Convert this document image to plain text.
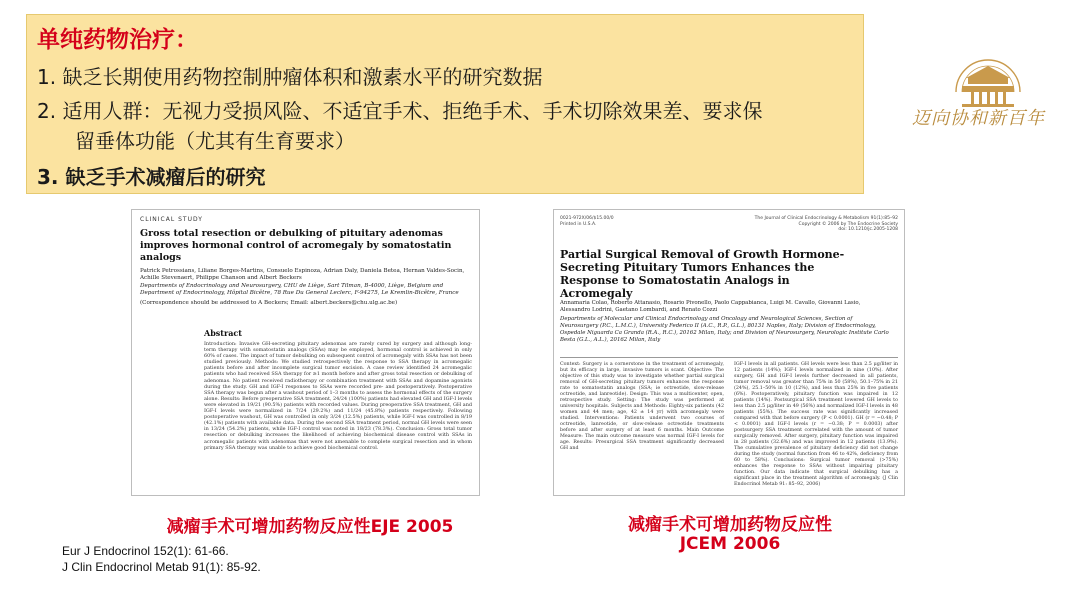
单纯药物治疗：
1. 缺乏长期使用药物控制肿瘤体积和激素水平的研究数据
2. 适用人群：无视力受损风险、不适宜手术、拒绝手术、手术切除效果差、要求保
留垂体功能（尤其有生育要求）
3. 缺乏手术减瘤后的研究
迈向协和新百年
CLINICAL STUDY
Gross total resection or debulking of pituitary adenomas improves hormonal control of acromegaly by somatostatin analogs
Patrick Petrossians, Liliane Borges-Martins, Consuelo Espinoza, Adrian Daly, Daniela Betea, Hernan Valdes-Socin, Achille Stevenaert, Philippe Chanson and Albert Beckers
Departments of Endocrinology and Neurosurgery, CHU de Liège, Sart Tilman, B-4000, Liège, Belgium and Department of Endocrinology, Hôpital Bicêtre, 78 Rue Du General Leclerc, F-94275, Le Kremlin-Bicêtre, France
(Correspondence should be addressed to A Beckers; Email: albert.beckers@chu.ulg.ac.be)
Abstract
Introduction: Invasive GH-secreting pituitary adenomas are rarely cured by surgery and although long-term therapy with somatostatin analogs (SSAs) may be employed, hormonal control is achieved in only 60% of cases. The impact of tumor debulking on subsequent control of acromegaly with SSAs has not been studied previously. Methods: We studied retrospectively the response to SSA therapy in acromegalic patients before and after incomplete surgical tumor excision. A case review identified 24 acromegalic patients who had received SSA therapy for ≥1 month before and after gross total resection or debulking of adenomas. No patient received radiotherapy or combination treatment with SSAs and dopamine agonists during the study. GH and IGF-I responses to SSAs were recorded pre- and postoperatively. Postoperative SSA therapy was begun after a washout period of 1–3 months to assess the hormonal effects of the surgery alone. Results: Before preoperative SSA treatment, 24/24 (100%) patients had elevated GH and IGF-I levels were elevated in 19/21 (90.5%) patients with recorded values. During preoperative SSA treatment, GH and IGF-I levels were normalized in 7/24 (29.2%) and 11/24 (45.8%) patients respectively. Following postoperative washout, GH was controlled in only 3/24 (12.5%) patients, while IGF-I was controlled in 8/19 (42.1%) patients with available data. During the second SSA treatment period, normal GH levels were seen in 13/24 (54.2%) patients, while IGF-I control was noted in 18/23 (78.3%). Conclusion: Gross total tumor resection or debulking increases the likelihood of achieving biochemical disease control with SSAs in acromegalic patients with adenomas that were not amenable to complete surgical resection and in whom primary SSA therapy was unable to achieve good biochemical control.
0021-972X/06/$15.00/0
Printed in U.S.A.
The Journal of Clinical Endocrinology & Metabolism 91(1):85–92
Copyright © 2006 by The Endocrine Society
doi: 10.1210/jc.2005-1208
Partial Surgical Removal of Growth Hormone-Secreting Pituitary Tumors Enhances the Response to Somatostatin Analogs in Acromegaly
Annamaria Colao, Roberto Attanasio, Rosario Pivonello, Paolo Cappabianca, Luigi M. Cavallo, Giovanni Lasio, Alessandro Lodrini, Gaetano Lombardi, and Renato Cozzi
Departments of Molecular and Clinical Endocrinology and Oncology and Neurological Sciences, Section of Neurosurgery (P.C., L.M.C.), University Federico II (A.C., R.P., G.L.), 80131 Naples, Italy; Division of Endocrinology, Ospedale Niguarda Ca Granda (R.A., R.C.), 20162 Milan, Italy; and Division of Neurosurgery, Neurologic Institute Carlo Besta (G.L., A.L.), 20162 Milan, Italy
Context: Surgery is a cornerstone in the treatment of acromegaly, but its efficacy in large, invasive tumors is scant. Objective: The objective of this study was to investigate whether partial surgical removal of GH-secreting pituitary tumors enhances the response rate to somatostatin analogs (SSA; ie octreotide, slow-release octreotide, and lanreotide). Design: This was a multicenter, open, retrospective study. Setting: The study was performed at university hospitals. Subjects and Methods: Eighty-six patients (42 women and 44 men; age, 42 ± 14 yr) with acromegaly were studied. Interventions: Patients underwent two courses of octreotide, lanreotide, or slow-release octreotide treatments before and after surgery of at least 6 months. Main Outcome Measure: The main outcome measure was normal IGF-I levels for age. Results: Presurgical SSA treatment significantly decreased GH and
IGF-I levels in all patients. GH levels were less than 2.5 μg/liter in 12 patients (14%); IGF-I levels normalized in nine (10%). After surgery, GH and IGF-I levels further decreased in all patients, tumor removal was greater than 75% in 50 (58%), 50.1–75% in 21 (24%), 25.1–50% in 10 (12%), and less than 25% in five patients (6%). Postoperatively, pituitary function was impaired in 12 patients (14%). Postsurgical SSA treatment lowered GH levels to less than 2.5 μg/liter in 49 (56%) and normalized IGF-I levels in 48 patients (55%). The success rate was significantly increased compared with that before surgery (P < 0.0001). GH (r = −0.48; P < 0.0001) and IGF-I levels (r = −0.38; P = 0.0003) after postsurgery SSA treatment correlated with the amount of tumor surgically removed. After surgery, pituitary function was impaired in 28 patients (32.6%) and was improved in 12 patients (13.9%). The cumulative prevalence of pituitary deficiency did not change during the study (normal function from 46 to 42%, deficiency from 60 to 58%). Conclusions: Surgical tumor removal (>75%) enhances the response to SSAs without impairing pituitary function. Our data indicate that surgical debulking has a significant place in the treatment algorithm of acromegaly. (J Clin Endocrinol Metab 91: 85–92, 2006)
减瘤手术可增加药物反应性EJE 2005	减瘤手术可增加药物反应性
JCEM 2006
Eur J Endocrinol 152(1): 61-66.
J Clin Endocrinol Metab 91(1): 85-92.
